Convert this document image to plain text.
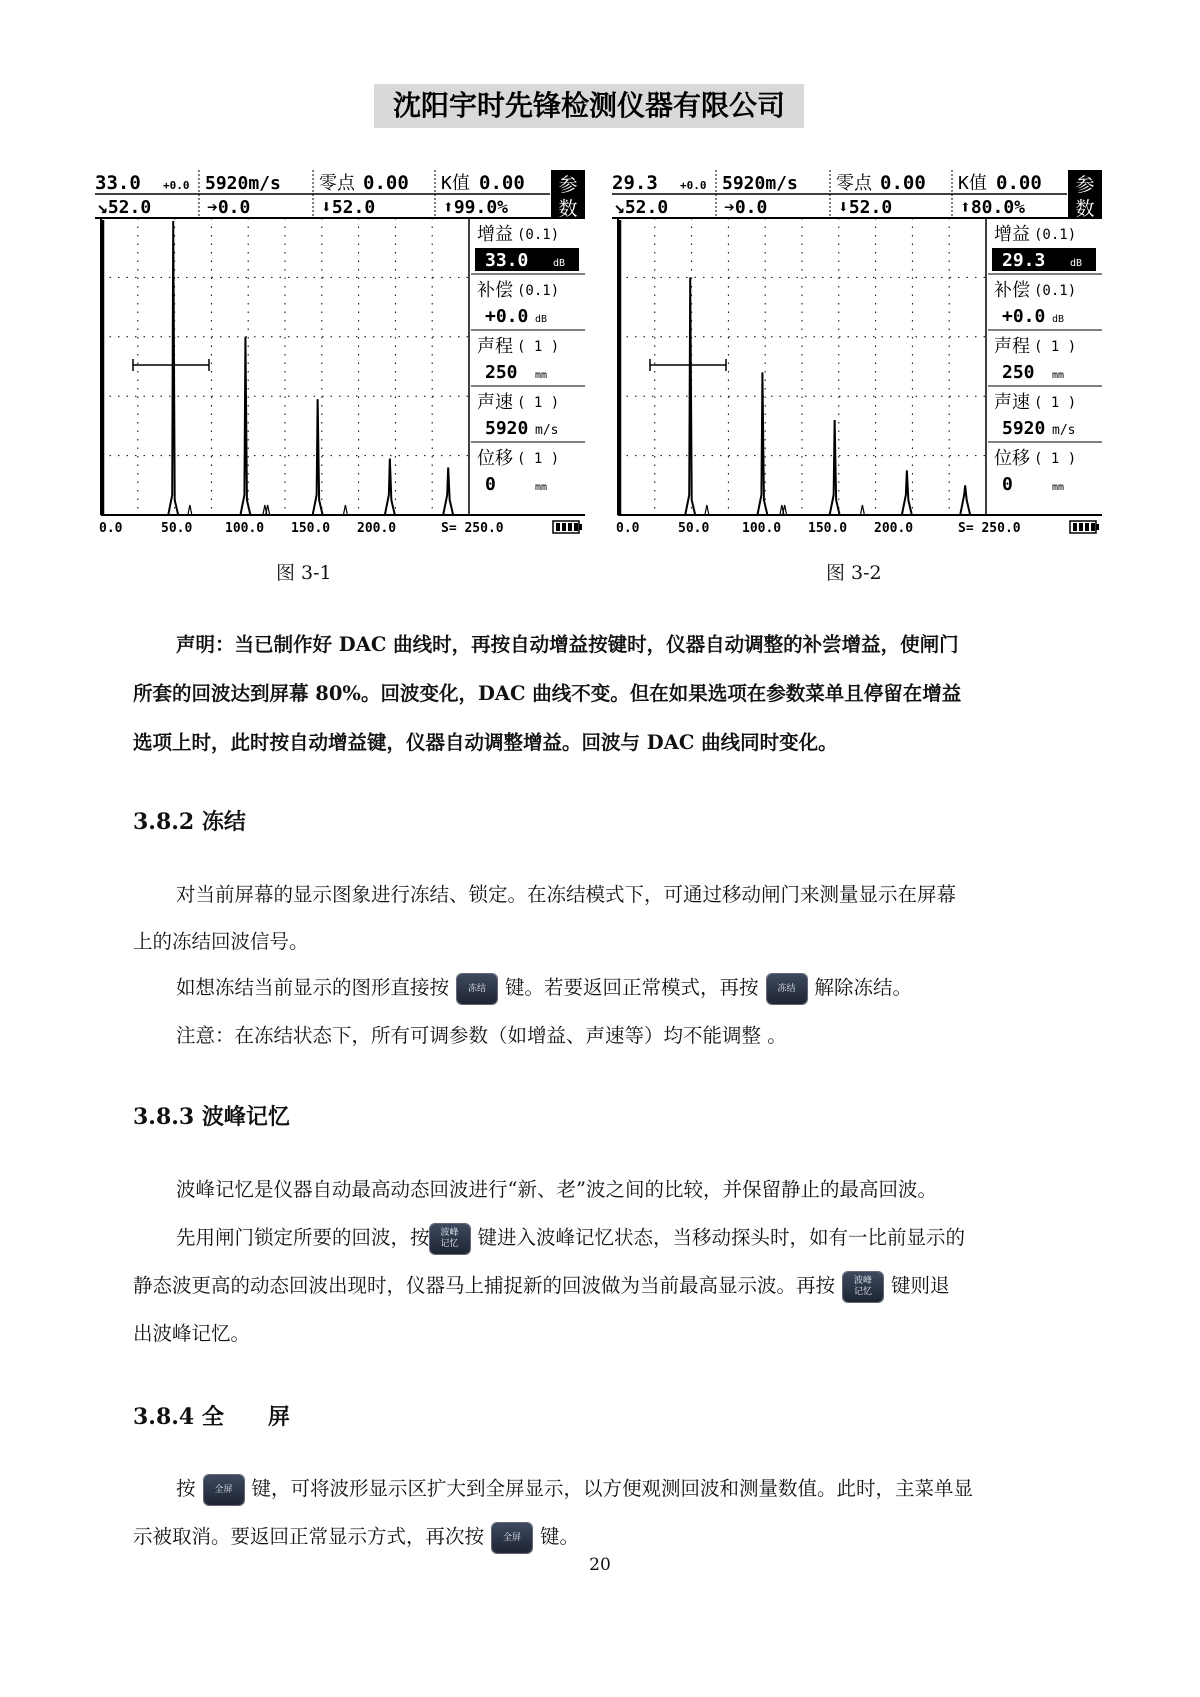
沈阳宇时先锋检测仪器有限公司
33.0 +0.0 5920m/s 零点 0.00 K值 0.00
↘52.0	➔0.0	⬇52.0	⬆99.0%
参
数
增益 (0.1)
33.0 dB
补偿 (0.1)
+0.0 dB
声程 ( 1 )
250 mm
声速 ( 1 )
5920 m/s
位移 ( 1 )
0	mm
0.0	50.0	100.0 150.0 200.0	S= 250.0
29.3 +0.0 5920m/s 零点 0.00 K值 0.00
↘52.0	➔0.0	⬇52.0	⬆80.0%
参
数
增益 (0.1)
29.3 dB
补偿 (0.1)
+0.0 dB
声程 ( 1 )
250 mm
声速 ( 1 )
5920 m/s
位移 ( 1 )
0	mm
0.0	50.0	100.0 150.0 200.0	S= 250.0
图 3-1	图 3-2
声明：当已制作好 DAC 曲线时，再按自动增益按键时，仪器自动调整的补尝增益，使闸门
所套的回波达到屏幕 80%。回波变化，DAC 曲线不变。但在如果选项在参数菜单且停留在增益
选项上时，此时按自动增益键，仪器自动调整增益。回波与 DAC 曲线同时变化。
3.8.2 冻结
对当前屏幕的显示图象进行冻结、锁定。在冻结模式下，可通过移动闸门来测量显示在屏幕
上的冻结回波信号。
如想冻结当前显示的图形直接按 冻结 键。若要返回正常模式，再按 冻结 解除冻结。
注意：在冻结状态下，所有可调参数（如增益、声速等）均不能调整 。
3.8.3 波峰记忆
波峰记忆是仪器自动最高动态回波进行“新、老”波之间的比较，并保留静止的最高回波。
先用闸门锁定所要的回波，按 波峰
记忆 键进入波峰记忆状态，当移动探头时，如有一比前显示的
静态波更高的动态回波出现时，仪器马上捕捉新的回波做为当前最高显示波。再按 波峰
记忆 键则退
出波峰记忆。
3.8.4 全　　屏
按 全屏 键，可将波形显示区扩大到全屏显示，以方便观测回波和测量数值。此时，主菜单显
示被取消。要返回正常显示方式，再次按 全屏 键。
20
